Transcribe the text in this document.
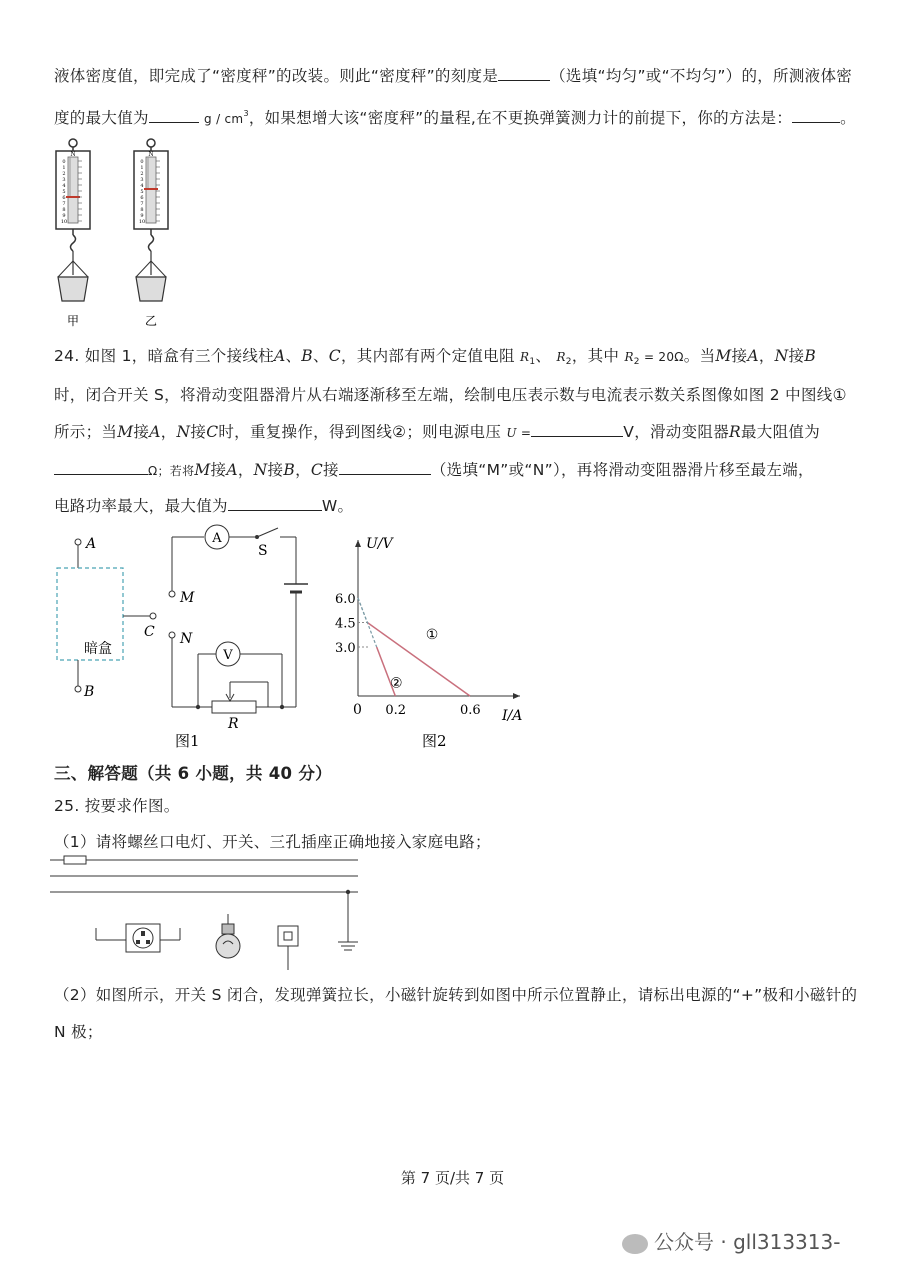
液体密度值，即完成了“密度秤”的改装。则此“密度秤”的刻度是	（选填“均匀”或“不均匀”）的，所测液体密
度的最大值为	g / $cm^3$，如果想增大该“密度秤”的量程,在不更换弹簧测力计的前提下，你的方法是：	。
N
0
1
2
3
4
5
6
7
8
9
10
甲
N
0
1
2
3
4
5
6
7
8
9
10
乙
24. 如图 1，暗盒有三个接线柱A、B、C，其内部有两个定值电阻 $R_1$、 $R_2$，其中 $R_2 = 20\Omega$。当M接A，N接B
时，闭合开关 S，将滑动变阻器滑片从右端逐渐移至左端，绘制电压表示数与电流表示数关系图像如图 2 中图线①
所示；当M接A，N接C时，重复操作，得到图线②；则电源电压 U =	V，滑动变阻器R最大阻值为
Ω；若将M接A，N接B，C接	（选填“M”或“N”），再将滑动变阻器滑片移至最左端，
电路功率最大，最大值为	W。
A
暗盒
B
C
M
A
S
N
V
R
图1
3.0
4.5
6.0
0.2	0.6
①
②
U/V
I/A
0
图2
三、解答题（共 6 小题，共 40 分）
25. 按要求作图。
（1）请将螺丝口电灯、开关、三孔插座正确地接入家庭电路；
（2）如图所示，开关 S 闭合，发现弹簧拉长，小磁针旋转到如图中所示位置静止，请标出电源的“+”极和小磁针的
N 极；
第 7 页/共 7 页
公众号 · gll313313-
